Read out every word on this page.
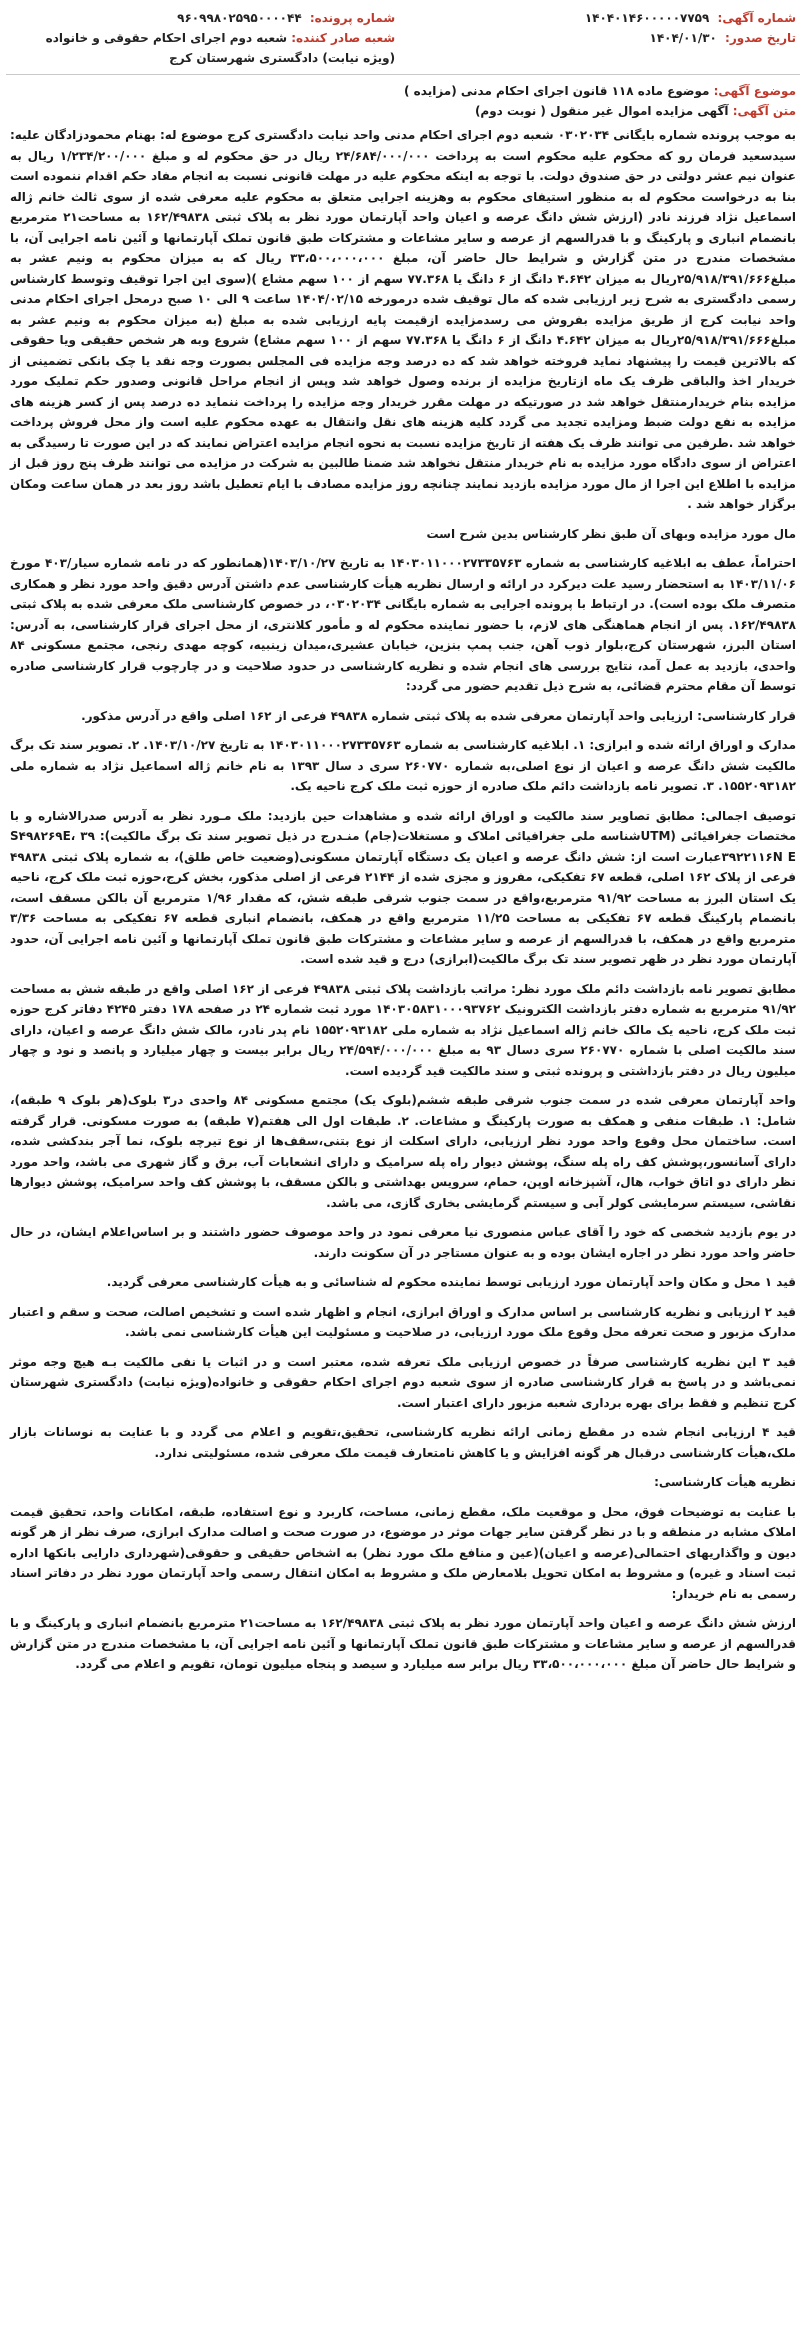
شماره آگهی: ۱۴۰۴۰۱۴۶۰۰۰۰۰۷۷۵۹
تاریخ صدور: ۱۴۰۴/۰۱/۳۰
شماره پرونده: ۹۶۰۹۹۸۰۲۵۹۵۰۰۰۰۴۴
شعبه صادر کننده: شعبه دوم اجرای احکام حقوقی و خانواده (ویژه نیابت) دادگستری شهرستان کرج
موضوع آگهی: موضوع ماده ۱۱۸ قانون اجرای احکام مدنی (مزایده )
متن آگهی: آگهی مزایده اموال غیر منقول ( نوبت دوم)

به موجب پرونده شماره بایگانی ۰۳۰۲۰۳۴ شعبه دوم اجرای احکام مدنی واحد نیابت دادگستری کرج موضوع له: بهنام محمودزادگان علیه: سیدسعید فرمان رو که محکوم علیه محکوم است به پرداخت ۲۴/۶۸۴/۰۰۰/۰۰۰ ریال در حق محکوم له و مبلغ ۱/۲۳۴/۲۰۰/۰۰۰ ریال به عنوان نیم عشر دولتی در حق صندوق دولت. با توجه به اینکه محکوم علیه در مهلت قانونی نسبت به انجام مفاد حکم اقدام ننموده است بنا به درخواست محکوم له به منظور استیفای محکوم به وهزینه اجرایی متعلق به محکوم علیه معرفی شده از سوی ثالث خانم ژاله اسماعیل نژاد فرزند نادر (ارزش شش دانگ عرصه و اعیان واحد آپارتمان مورد نظر به پلاک ثبتی ۱۶۲/۴۹۸۳۸ به مساحت۲۱ مترمربع بانضمام انباری و پارکینگ و با قدرالسهم از عرصه و سایر مشاعات و مشترکات طبق قانون تملک آپارتمانها و آئین نامه اجرایی آن، با مشخصات مندرج در متن گزارش و شرایط حال حاضر آن، مبلغ ۳۳،۵۰۰،۰۰۰،۰۰۰ ریال که به میزان محکوم به ونیم عشر به مبلغ۲۵/۹۱۸/۳۹۱/۶۶۶ریال به میزان ۴.۶۴۲ دانگ از ۶ دانگ یا ۷۷.۳۶۸ سهم از ۱۰۰ سهم مشاع )(سوی این اجرا توقیف وتوسط کارشناس رسمی دادگستری به شرح زیر ارزیابی شده که مال توقیف شده درمورخه ۱۴۰۴/۰۲/۱۵ ساعت ۹ الی ۱۰ صبح درمحل اجرای احکام مدنی واحد نیابت کرج از طریق مزایده بفروش می رسدمزایده ازقیمت پایه ارزیابی شده به مبلغ (به میزان محکوم به ونیم عشر به مبلغ۲۵/۹۱۸/۳۹۱/۶۶۶ریال به میزان ۴.۶۴۲ دانگ از ۶ دانگ یا ۷۷.۳۶۸ سهم از ۱۰۰ سهم مشاع) شروع وبه هر شخص حقیقی ویا حقوقی که بالاترین قیمت را پیشنهاد نماید فروخته خواهد شد که ده درصد وجه مزایده فی المجلس بصورت وجه نقد یا چک بانکی تضمینی از خریدار اخذ والباقی ظرف یک ماه ازتاریخ مزایده از برنده وصول خواهد شد وپس از انجام مراحل قانونی وصدور حکم تملیک مورد مزایده بنام خریدارمنتقل خواهد شد در صورتیکه در مهلت مقرر خریدار وجه مزایده را پرداخت ننماید ده درصد پس از کسر هزینه های مزایده به نفع دولت ضبط ومزایده تجدید می گردد کلیه هزینه های نقل وانتقال به عهده محکوم علیه است واز محل فروش پرداخت خواهد شد .طرفین می توانند ظرف یک هفته از تاریخ مزایده نسبت به نحوه انجام مزایده اعتراض نمایند که در این صورت تا رسیدگی به اعتراض از سوی دادگاه مورد مزایده به نام خریدار منتقل نخواهد شد ضمنا طالبین به شرکت در مزایده می توانند ظرف پنج روز قبل از مزایده با اطلاع این اجرا از مال مورد مزایده بازدید نمایند چنانچه روز مزایده مصادف با ایام تعطیل باشد روز بعد در همان ساعت ومکان برگزار خواهد شد .

مال مورد مزایده وبهای آن طبق نظر کارشناس بدین شرح است

احتراماً، عطف به ابلاغیه کارشناسی به شماره ۱۴۰۳۰۱۱۰۰۰۲۷۳۳۵۷۶۳ به تاریخ ۱۴۰۳/۱۰/۲۷(همانطور که در نامه شماره سیار/۴۰۳ مورخ ۱۴۰۳/۱۱/۰۶ به استحضار رسید علت دیرکرد در ارائه و ارسال نظریه هیأت کارشناسی عدم داشتن آدرس دقیق واحد مورد نظر و همکاری متصرف ملک بوده است). در ارتباط با پرونده اجرایی به شماره بایگانی ۰۳۰۲۰۳۴، در خصوص کارشناسی ملک معرفی شده به پلاک ثبتی ۱۶۲/۴۹۸۳۸. پس از انجام هماهنگی های لازم، با حضور نماینده محکوم له و مأمور کلانتری، از محل اجرای قرار کارشناسی، به آدرس: استان البرز، شهرستان کرج،بلوار ذوب آهن، جنب پمپ بنزین، خیابان عشیری،میدان زینبیه، کوچه مهدی رنجی، مجتمع مسکونی ۸۴ واحدی، بازدید به عمل آمد، نتایج بررسی های انجام شده و نظریه کارشناسی در حدود صلاحیت و در چارچوب قرار کارشناسی صادره توسط آن مقام محترم قضائی، به شرح ذیل تقدیم حضور می گردد:

قرار کارشناسی: ارزیابی واحد آپارتمان معرفی شده به پلاک ثبتی شماره ۴۹۸۳۸ فرعی از ۱۶۲ اصلی واقع در آدرس مذکور.

مدارک و اوراق ارائه شده و ابرازی: ۱. ابلاغیه کارشناسی به شماره ۱۴۰۳۰۱۱۰۰۰۲۷۳۳۵۷۶۳ به تاریخ ۱۴۰۳/۱۰/۲۷. ۲. تصویر سند تک برگ مالکیت شش دانگ عرصه و اعیان از نوع اصلی،به شماره ۲۶۰۷۷۰ سری د سال ۱۳۹۳ به نام خانم ژاله اسماعیل نژاد به شماره ملی ۱۵۵۲۰۹۳۱۸۲. ۳. تصویر نامه بازداشت دائم ملک صادره از حوزه ثبت ملک کرج ناحیه یک.

توصیف اجمالی: مطابق تصاویر سند مالکیت و اوراق ارائه شده و مشاهدات حین بازدید: ملک مـورد نظر به آدرس صدرالاشاره و با مختصات جغرافیائی (UTMشناسه ملی جغرافیائی املاک و مستغلات(جام) منـدرج در ذیل تصویر سند تک برگ مالکیت): ۳۹ S۴۹۸۲۶۹E، ۳۹۲۲۱۱۶N Eعبارت است از: شش دانگ عرصه و اعیان یک دستگاه آپارتمان مسکونی(وضعیت خاص طلق)، به شماره پلاک ثبتی ۴۹۸۳۸ فرعی از پلاک ۱۶۲ اصلی، قطعه ۶۷ تفکیکی، مفروز و مجزی شده از ۲۱۴۴ فرعی از اصلی مذکور، بخش کرج،حوزه ثبت ملک کرج، ناحیه یک استان البرز به مساحت ۹۱/۹۲ مترمربع،واقع در سمت جنوب شرقی طبقه شش، که مقدار ۱/۹۶ مترمربع آن بالکن مسقف است، بانضمام پارکینگ قطعه ۶۷ تفکیکی به مساحت ۱۱/۲۵ مترمربع واقع در همکف، بانضمام انباری قطعه ۶۷ تفکیکی به مساحت ۳/۳۶ مترمربع واقع در همکف، با قدرالسهم از عرصه و سایر مشاعات و مشترکات طبق قانون تملک آپارتمانها و آئین نامه اجرایی آن، حدود آپارتمان مورد نظر در ظهر تصویر سند تک برگ مالکیت(ابرازی) درج و قید شده است.

مطابق تصویر نامه بازداشت دائم ملک مورد نظر: مراتب بازداشت پلاک ثبتی ۴۹۸۳۸ فرعی از ۱۶۲ اصلی واقع در طبقه شش به مساحت ۹۱/۹۲ مترمربع به شماره دفتر بازداشت الکترونیک ۱۴۰۳۰۵۸۳۱۰۰۰۹۳۷۶۲ مورد ثبت شماره ۲۴ در صفحه ۱۷۸ دفتر ۴۲۴۵ دفاتر کرج حوزه ثبت ملک کرج، ناحیه یک مالک خانم ژاله اسماعیل نژاد به شماره ملی ۱۵۵۲۰۹۳۱۸۲ نام پدر نادر، مالک شش دانگ عرصه و اعیان، دارای سند مالکیت اصلی با شماره ۲۶۰۷۷۰ سری دسال ۹۳ به مبلغ ۲۴/۵۹۴/۰۰۰/۰۰۰ ریال برابر بیست و چهار میلیارد و پانصد و نود و چهار میلیون ریال در دفتر بازداشتی و پرونده ثبتی و سند مالکیت قید گردیده است.

واحد آپارتمان معرفی شده در سمت جنوب شرقی طبقه ششم(بلوک یک) مجتمع مسکونی ۸۴ واحدی در۳ بلوک(هر بلوک ۹ طبقه)، شامل: ۱. طبقات منفی و همکف به صورت پارکینگ و مشاعات. ۲. طبقات اول الی هفتم(۷ طبقه) به صورت مسکونی. قرار گرفته است. ساختمان محل وقوع واحد مورد نظر ارزیابی، دارای اسکلت از نوع بتنی،سقف‌ها از نوع تیرچه بلوک، نما آجر بندکشی شده، دارای آسانسور،پوشش کف راه پله سنگ، پوشش دیوار راه پله سرامیک و دارای انشعابات آب، برق و گاز شهری می باشد، واحد مورد نظر دارای دو اتاق خواب، هال، آشپزخانه اوپن، حمام، سرویس بهداشتی و بالکن مسقف، با پوشش کف واحد سرامیک، پوشش دیوارها نقاشی، سیستم سرمایشی کولر آبی و سیستم گرمایشی بخاری گازی، می باشد.

در یوم بازدید شخصی که خود را آقای عباس منصوری نیا معرفی نمود در واحد موصوف حضور داشتند و بر اساس‌اعلام‌ ایشان، در حال حاضر واحد مورد نظر در اجاره ایشان بوده و به عنوان مستاجر در آن سکونت دارند.

قید ۱ محل و مکان واحد آپارتمان مورد ارزیابی توسط نماینده محکوم له شناسائی و به هیأت کارشناسی معرفی گردید.

قید ۲ ارزیابی و نظریه کارشناسی بر اساس مدارک و اوراق ابرازی، انجام و اظهار شده است و تشخیص اصالت، صحت و سقم و اعتبار مدارک مزبور و صحت تعرفه محل وقوع ملک مورد ارزیابی، در صلاحیت و مسئولیت این هیأت کارشناسی نمی باشد.

قید ۳ این نظریه کارشناسی صرفاً در خصوص ارزیابی ملک تعرفه شده، معتبر است و در اثبات یا نفی مالکیت بـه هیچ وجه موثر نمی‌باشد و در پاسخ به قرار کارشناسی صادره از سوی شعبه دوم اجرای احکام حقوقی و خانواده(ویژه نیابت) دادگستری شهرستان کرج تنظیم و فقط برای بهره برداری شعبه مزبور دارای اعتبار است.

قید ۴ ارزیابی انجام شده در مقطع زمانی ارائه نظریه کارشناسی، تحقیق،تقویم و اعلام می گردد و با عنایت به نوسانات بازار ملک،هیأت کارشناسی درقبال هر گونه افزایش و یا کاهش نامتعارف قیمت ملک معرفی شده، مسئولیتی ندارد.

نظریه هیأت کارشناسی:

با عنایت به توضیحات فوق، محل و موقعیت ملک، مقطع زمانی، مساحت، کاربرد و نوع استفاده، طبقه، امکانات واحد، تحقیق قیمت املاک مشابه در منطقه و با در نظر گرفتن سایر جهات موثر در موضوع، در صورت صحت و اصالت مدارک ابرازی، صرف نظر از هر گونه دیون و واگذاریهای احتمالی(عرصه و اعیان)(عین و منافع ملک مورد نظر) به اشخاص حقیقی و حقوقی(شهرداری دارایی بانکها اداره ثبت اسناد و غیره) و مشروط به امکان تحویل بلامعارض ملک و مشروط به امکان انتقال رسمی واحد آپارتمان مورد نظر در دفاتر اسناد رسمی به نام خریدار:

ارزش شش دانگ عرصه و اعیان واحد آپارتمان مورد نظر به پلاک ثبتی ۱۶۲/۴۹۸۳۸ به مساحت۲۱ مترمربع بانضمام انباری و پارکینگ و با قدرالسهم از عرصه و سایر مشاعات و مشترکات طبق قانون تملک آپارتمانها و آئین نامه اجرایی آن، با مشخصات مندرج در متن گزارش و شرایط حال حاضر آن مبلغ ۳۳،۵۰۰،۰۰۰،۰۰۰ ریال برابر سه میلیارد و سیصد و پنجاه میلیون تومان، تقویم و اعلام می گردد.
